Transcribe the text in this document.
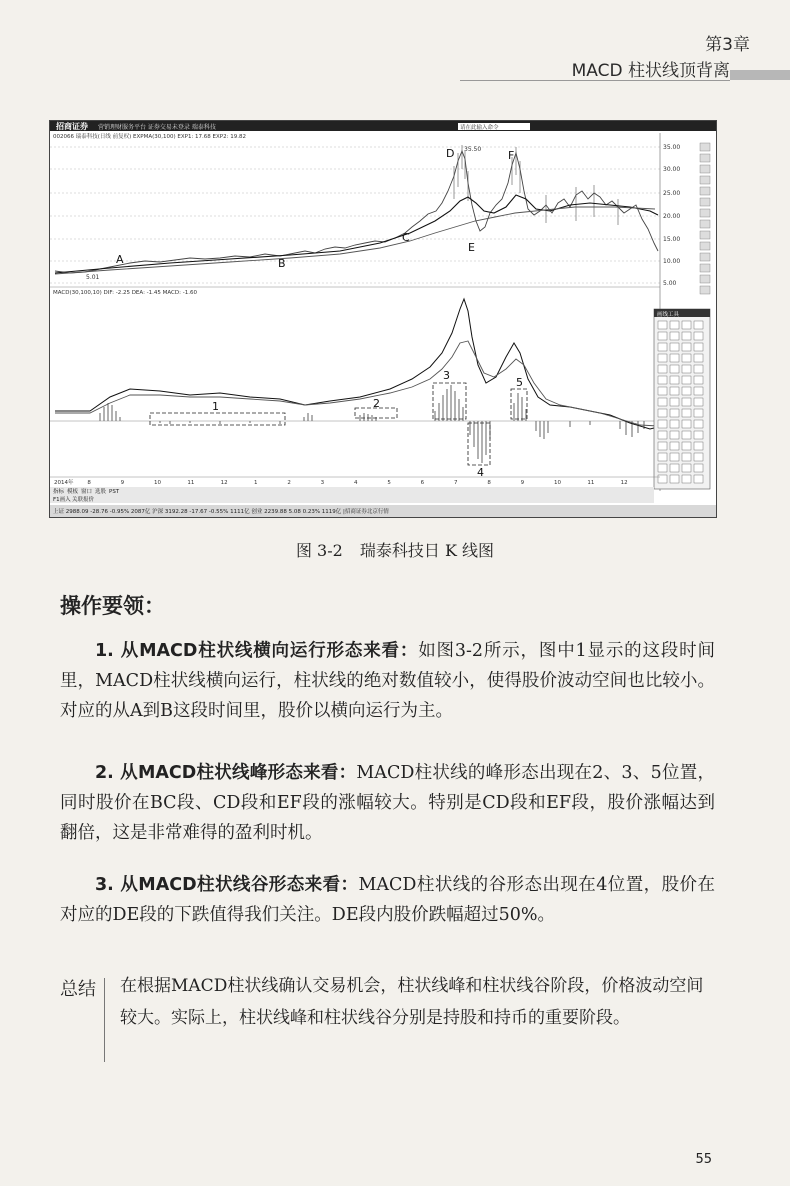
第3章
MACD 柱状线顶背离
招商证券 营销理财服务平台 证券交易未登录 瑞泰科技	请在此输入命令
002066 瑞泰科技(日线 前复权) EXPMA(30,100) EXP1: 17.68 EXP2: 19.82
35.00
30.00
25.00
20.00
15.00
10.00
5.00
A	B
C
D
E
F
35.50
5.01
MACD(30,100,10) DIF: -2.25 DEA: -1.45 MACD: -1.60
1	2
3
4
5
画线工具
2014年	8	9	10	11	12	1	2	3	4	5	6	7	8	9	10	11	12
指标 模板 窗口 选股 PST
F1画入 关联报价
上证 2988.09 -28.76 -0.95% 2087亿 沪深 3192.28 -17.67 -0.55% 1111亿 创业 2239.88 5.08 0.23% 1119亿 |招商证券北京行情
图 3-2 瑞泰科技日 K 线图
操作要领：

1. 从MACD柱状线横向运行形态来看：如图3-2所示，图中1显示的这段时间里，MACD柱状线横向运行，柱状线的绝对数值较小，使得股价波动空间也比较小。对应的从A到B这段时间里，股价以横向运行为主。

2. 从MACD柱状线峰形态来看：MACD柱状线的峰形态出现在2、3、5位置，同时股价在BC段、CD段和EF段的涨幅较大。特别是CD段和EF段，股价涨幅达到翻倍，这是非常难得的盈利时机。

3. 从MACD柱状线谷形态来看：MACD柱状线的谷形态出现在4位置，股价在对应的DE段的下跌值得我们关注。DE段内股价跌幅超过50%。

总结 在根据MACD柱状线确认交易机会，柱状线峰和柱状线谷阶段，价格波动空间较大。实际上，柱状线峰和柱状线谷分别是持股和持币的重要阶段。

55
